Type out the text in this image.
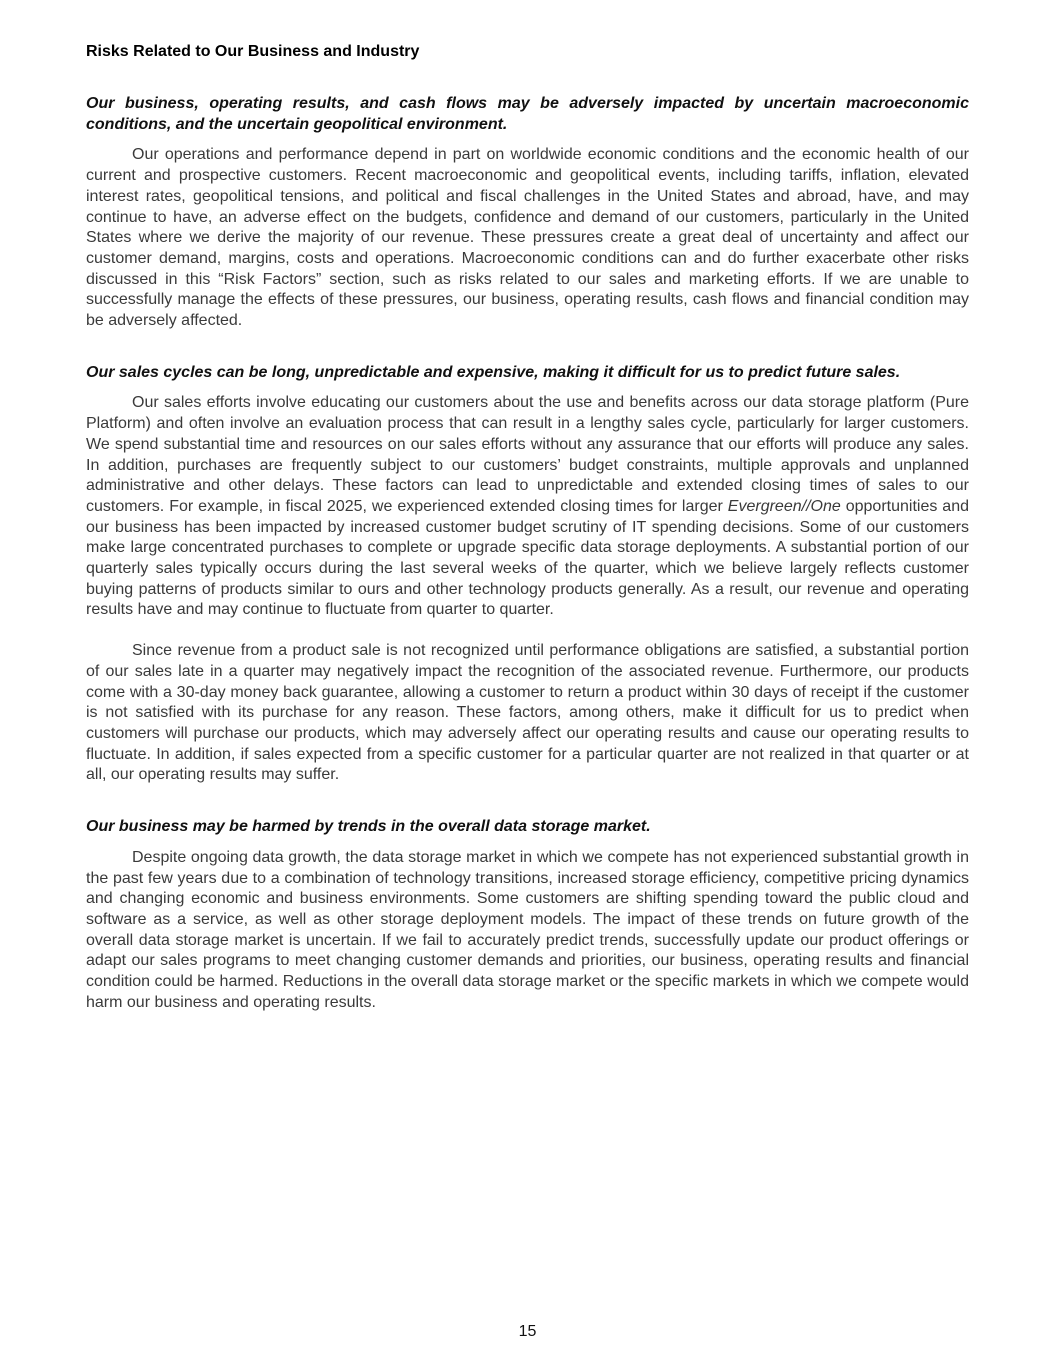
Risks Related to Our Business and Industry

Our business, operating results, and cash flows may be adversely impacted by uncertain macroeconomic conditions, and the uncertain geopolitical environment.

Our operations and performance depend in part on worldwide economic conditions and the economic health of our current and prospective customers. Recent macroeconomic and geopolitical events, including tariffs, inflation, elevated interest rates, geopolitical tensions, and political and fiscal challenges in the United States and abroad, have, and may continue to have, an adverse effect on the budgets, confidence and demand of our customers, particularly in the United States where we derive the majority of our revenue. These pressures create a great deal of uncertainty and affect our customer demand, margins, costs and operations. Macroeconomic conditions can and do further exacerbate other risks discussed in this “Risk Factors” section, such as risks related to our sales and marketing efforts. If we are unable to successfully manage the effects of these pressures, our business, operating results, cash flows and financial condition may be adversely affected.

Our sales cycles can be long, unpredictable and expensive, making it difficult for us to predict future sales.

Our sales efforts involve educating our customers about the use and benefits across our data storage platform (Pure Platform) and often involve an evaluation process that can result in a lengthy sales cycle, particularly for larger customers. We spend substantial time and resources on our sales efforts without any assurance that our efforts will produce any sales. In addition, purchases are frequently subject to our customers’ budget constraints, multiple approvals and unplanned administrative and other delays. These factors can lead to unpredictable and extended closing times of sales to our customers. For example, in fiscal 2025, we experienced extended closing times for larger Evergreen//One opportunities and our business has been impacted by increased customer budget scrutiny of IT spending decisions. Some of our customers make large concentrated purchases to complete or upgrade specific data storage deployments. A substantial portion of our quarterly sales typically occurs during the last several weeks of the quarter, which we believe largely reflects customer buying patterns of products similar to ours and other technology products generally. As a result, our revenue and operating results have and may continue to fluctuate from quarter to quarter.

Since revenue from a product sale is not recognized until performance obligations are satisfied, a substantial portion of our sales late in a quarter may negatively impact the recognition of the associated revenue. Furthermore, our products come with a 30-day money back guarantee, allowing a customer to return a product within 30 days of receipt if the customer is not satisfied with its purchase for any reason. These factors, among others, make it difficult for us to predict when customers will purchase our products, which may adversely affect our operating results and cause our operating results to fluctuate. In addition, if sales expected from a specific customer for a particular quarter are not realized in that quarter or at all, our operating results may suffer.

Our business may be harmed by trends in the overall data storage market.

Despite ongoing data growth, the data storage market in which we compete has not experienced substantial growth in the past few years due to a combination of technology transitions, increased storage efficiency, competitive pricing dynamics and changing economic and business environments. Some customers are shifting spending toward the public cloud and software as a service, as well as other storage deployment models. The impact of these trends on future growth of the overall data storage market is uncertain. If we fail to accurately predict trends, successfully update our product offerings or adapt our sales programs to meet changing customer demands and priorities, our business, operating results and financial condition could be harmed. Reductions in the overall data storage market or the specific markets in which we compete would harm our business and operating results.

15
